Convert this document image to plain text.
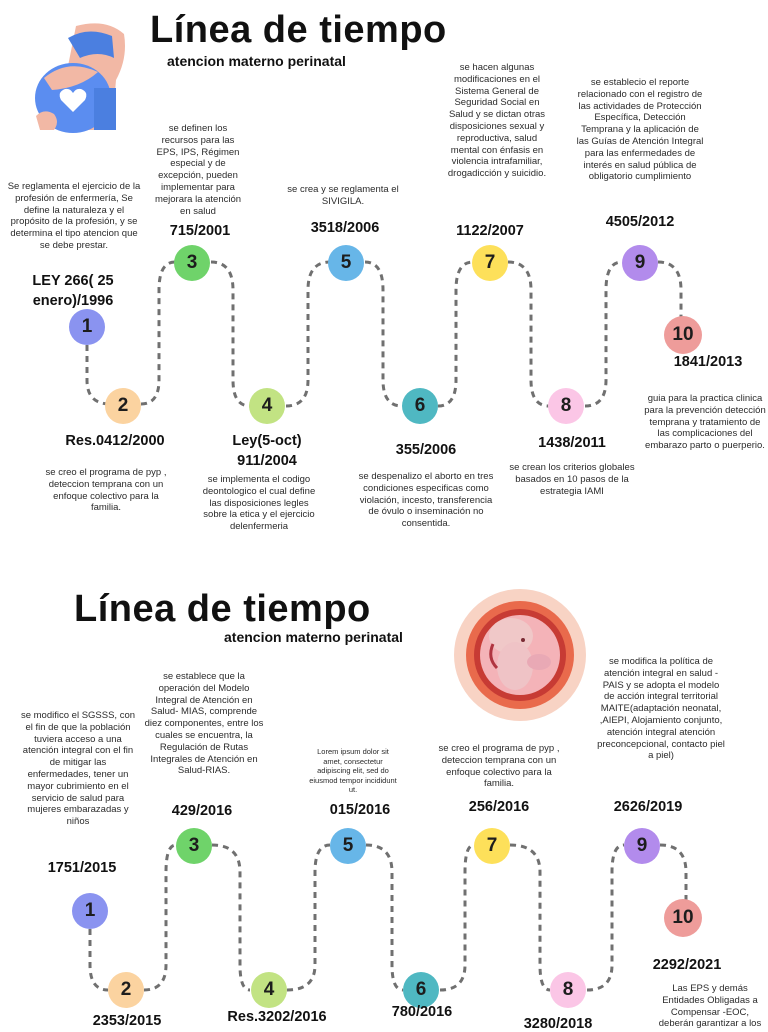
Línea de tiempo
atencion materno perinatal
1
2
3
4
5
6
7
8
9
10
LEY 266( 25 enero)/1996
Res.0412/2000
715/2001
Ley(5-oct) 911/2004
3518/2006
355/2006
1122/2007
1438/2011
4505/2012
1841/2013
Se reglamenta el ejercicio de la profesión de enfermería, Se define la naturaleza y el propósito de la profesión, y se determina el tipo atencion que se debe prestar.
se creo el programa de pyp , deteccion temprana con un enfoque colectivo para la familia.
se definen los recursos para las EPS, IPS, Régimen especial y de excepción, pueden implementar para mejorara la atención en salud
se implementa el codigo deontologico el cual define las disposiciones legles sobre la etica y el ejercicio delenfermeria
se crea y se reglamenta el SIVIGILA.
se despenalizo el aborto en tres condiciones especificas como violación, incesto, transferencia de óvulo o inseminación no consentida.
se hacen algunas modificaciones en el Sistema General de Seguridad Social en Salud y se dictan otras disposiciones sexual y reproductiva, salud mental con énfasis en violencia intrafamiliar, drogadicción y suicidio.
se crean los criterios globales basados en 10 pasos de la estrategia IAMI
se establecio el reporte relacionado con el registro de las actividades de Protección Específica, Detección Temprana y la aplicación de las Guías de Atención Integral para las enfermedades de interés en salud pública de obligatorio cumplimiento
guia para la practica clinica para la prevención detección temprana y tratamiento de las complicaciones del embarazo parto o puerperio.
Línea de tiempo
atencion materno perinatal
1
2
3
4
5
6
7
8
9
10
1751/2015
2353/2015
429/2016
Res.3202/2016
015/2016
780/2016
256/2016
3280/2018
2626/2019
2292/2021
se modifico el SGSSS, con el fin de que la población tuviera acceso a una atención integral con el fin de mitigar las enfermedades, tener un mayor cubrimiento en el servicio de salud para mujeres embarazadas y niños
se establece que la operación del Modelo Integral de Atención en Salud- MIAS, comprende diez componentes, entre los cuales se encuentra, la Regulación de Rutas Integrales de Atención en Salud-RIAS.
Lorem ipsum dolor sit amet, consectetur adipiscing elit, sed do eiusmod tempor incididunt ut.
se creo el programa de pyp , deteccion temprana con un enfoque colectivo para la familia.
se modifica la política de atención integral en salud -PAIS y se adopta el modelo de acción integral territorial MAITE(adaptación neonatal, ,AIEPI, Alojamiento conjunto, atención integral atención preconcepcional, contacto piel a piel)
Las EPS y demás Entidades Obligadas a Compensar -EOC, deberán garantizar a los
